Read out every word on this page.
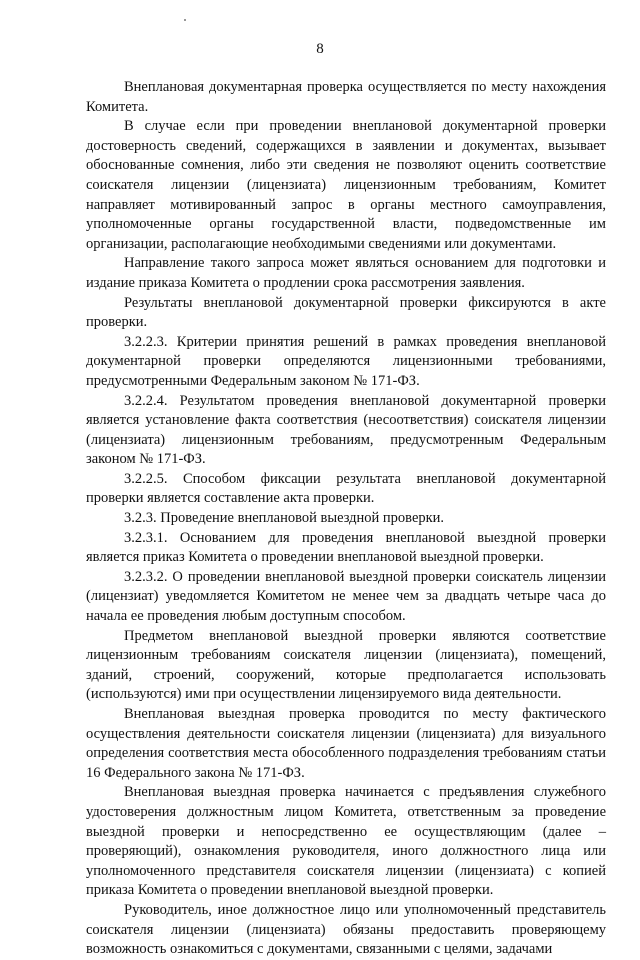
8

Внеплановая документарная проверка осуществляется по месту нахождения Комитета.

В случае если при проведении внеплановой документарной проверки достоверность сведений, содержащихся в заявлении и документах, вызывает обоснованные сомнения, либо эти сведения не позволяют оценить соответствие соискателя лицензии (лицензиата) лицензионным требованиям, Комитет направляет мотивированный запрос в органы местного самоуправления, уполномоченные органы государственной власти, подведомственные им организации, располагающие необходимыми сведениями или документами.

Направление такого запроса может являться основанием для подготовки и издание приказа Комитета о продлении срока рассмотрения заявления.

Результаты внеплановой документарной проверки фиксируются в акте проверки.

3.2.2.3. Критерии принятия решений в рамках проведения внеплановой документарной проверки определяются лицензионными требованиями, предусмотренными Федеральным законом № 171-ФЗ.

3.2.2.4. Результатом проведения внеплановой документарной проверки является установление факта соответствия (несоответствия) соискателя лицензии (лицензиата) лицензионным требованиям, предусмотренным Федеральным законом № 171-ФЗ.

3.2.2.5. Способом фиксации результата внеплановой документарной проверки является составление акта проверки.

3.2.3. Проведение внеплановой выездной проверки.

3.2.3.1. Основанием для проведения внеплановой выездной проверки является приказ Комитета о проведении внеплановой выездной проверки.

3.2.3.2. О проведении внеплановой выездной проверки соискатель лицензии (лицензиат) уведомляется Комитетом не менее чем за двадцать четыре часа до начала ее проведения любым доступным способом.

Предметом внеплановой выездной проверки являются соответствие лицензионным требованиям соискателя лицензии (лицензиата), помещений, зданий, строений, сооружений, которые предполагается использовать (используются) ими при осуществлении лицензируемого вида деятельности.

Внеплановая выездная проверка проводится по месту фактического осуществления деятельности соискателя лицензии (лицензиата) для визуального определения соответствия места обособленного подразделения требованиям статьи 16 Федерального закона № 171-ФЗ.

Внеплановая выездная проверка начинается с предъявления служебного удостоверения должностным лицом Комитета, ответственным за проведение выездной проверки и непосредственно ее осуществляющим (далее – проверяющий), ознакомления руководителя, иного должностного лица или уполномоченного представителя соискателя лицензии (лицензиата) с копией приказа Комитета о проведении внеплановой выездной проверки.

Руководитель, иное должностное лицо или уполномоченный представитель соискателя лицензии (лицензиата) обязаны предоставить проверяющему возможность ознакомиться с документами, связанными с целями, задачами
